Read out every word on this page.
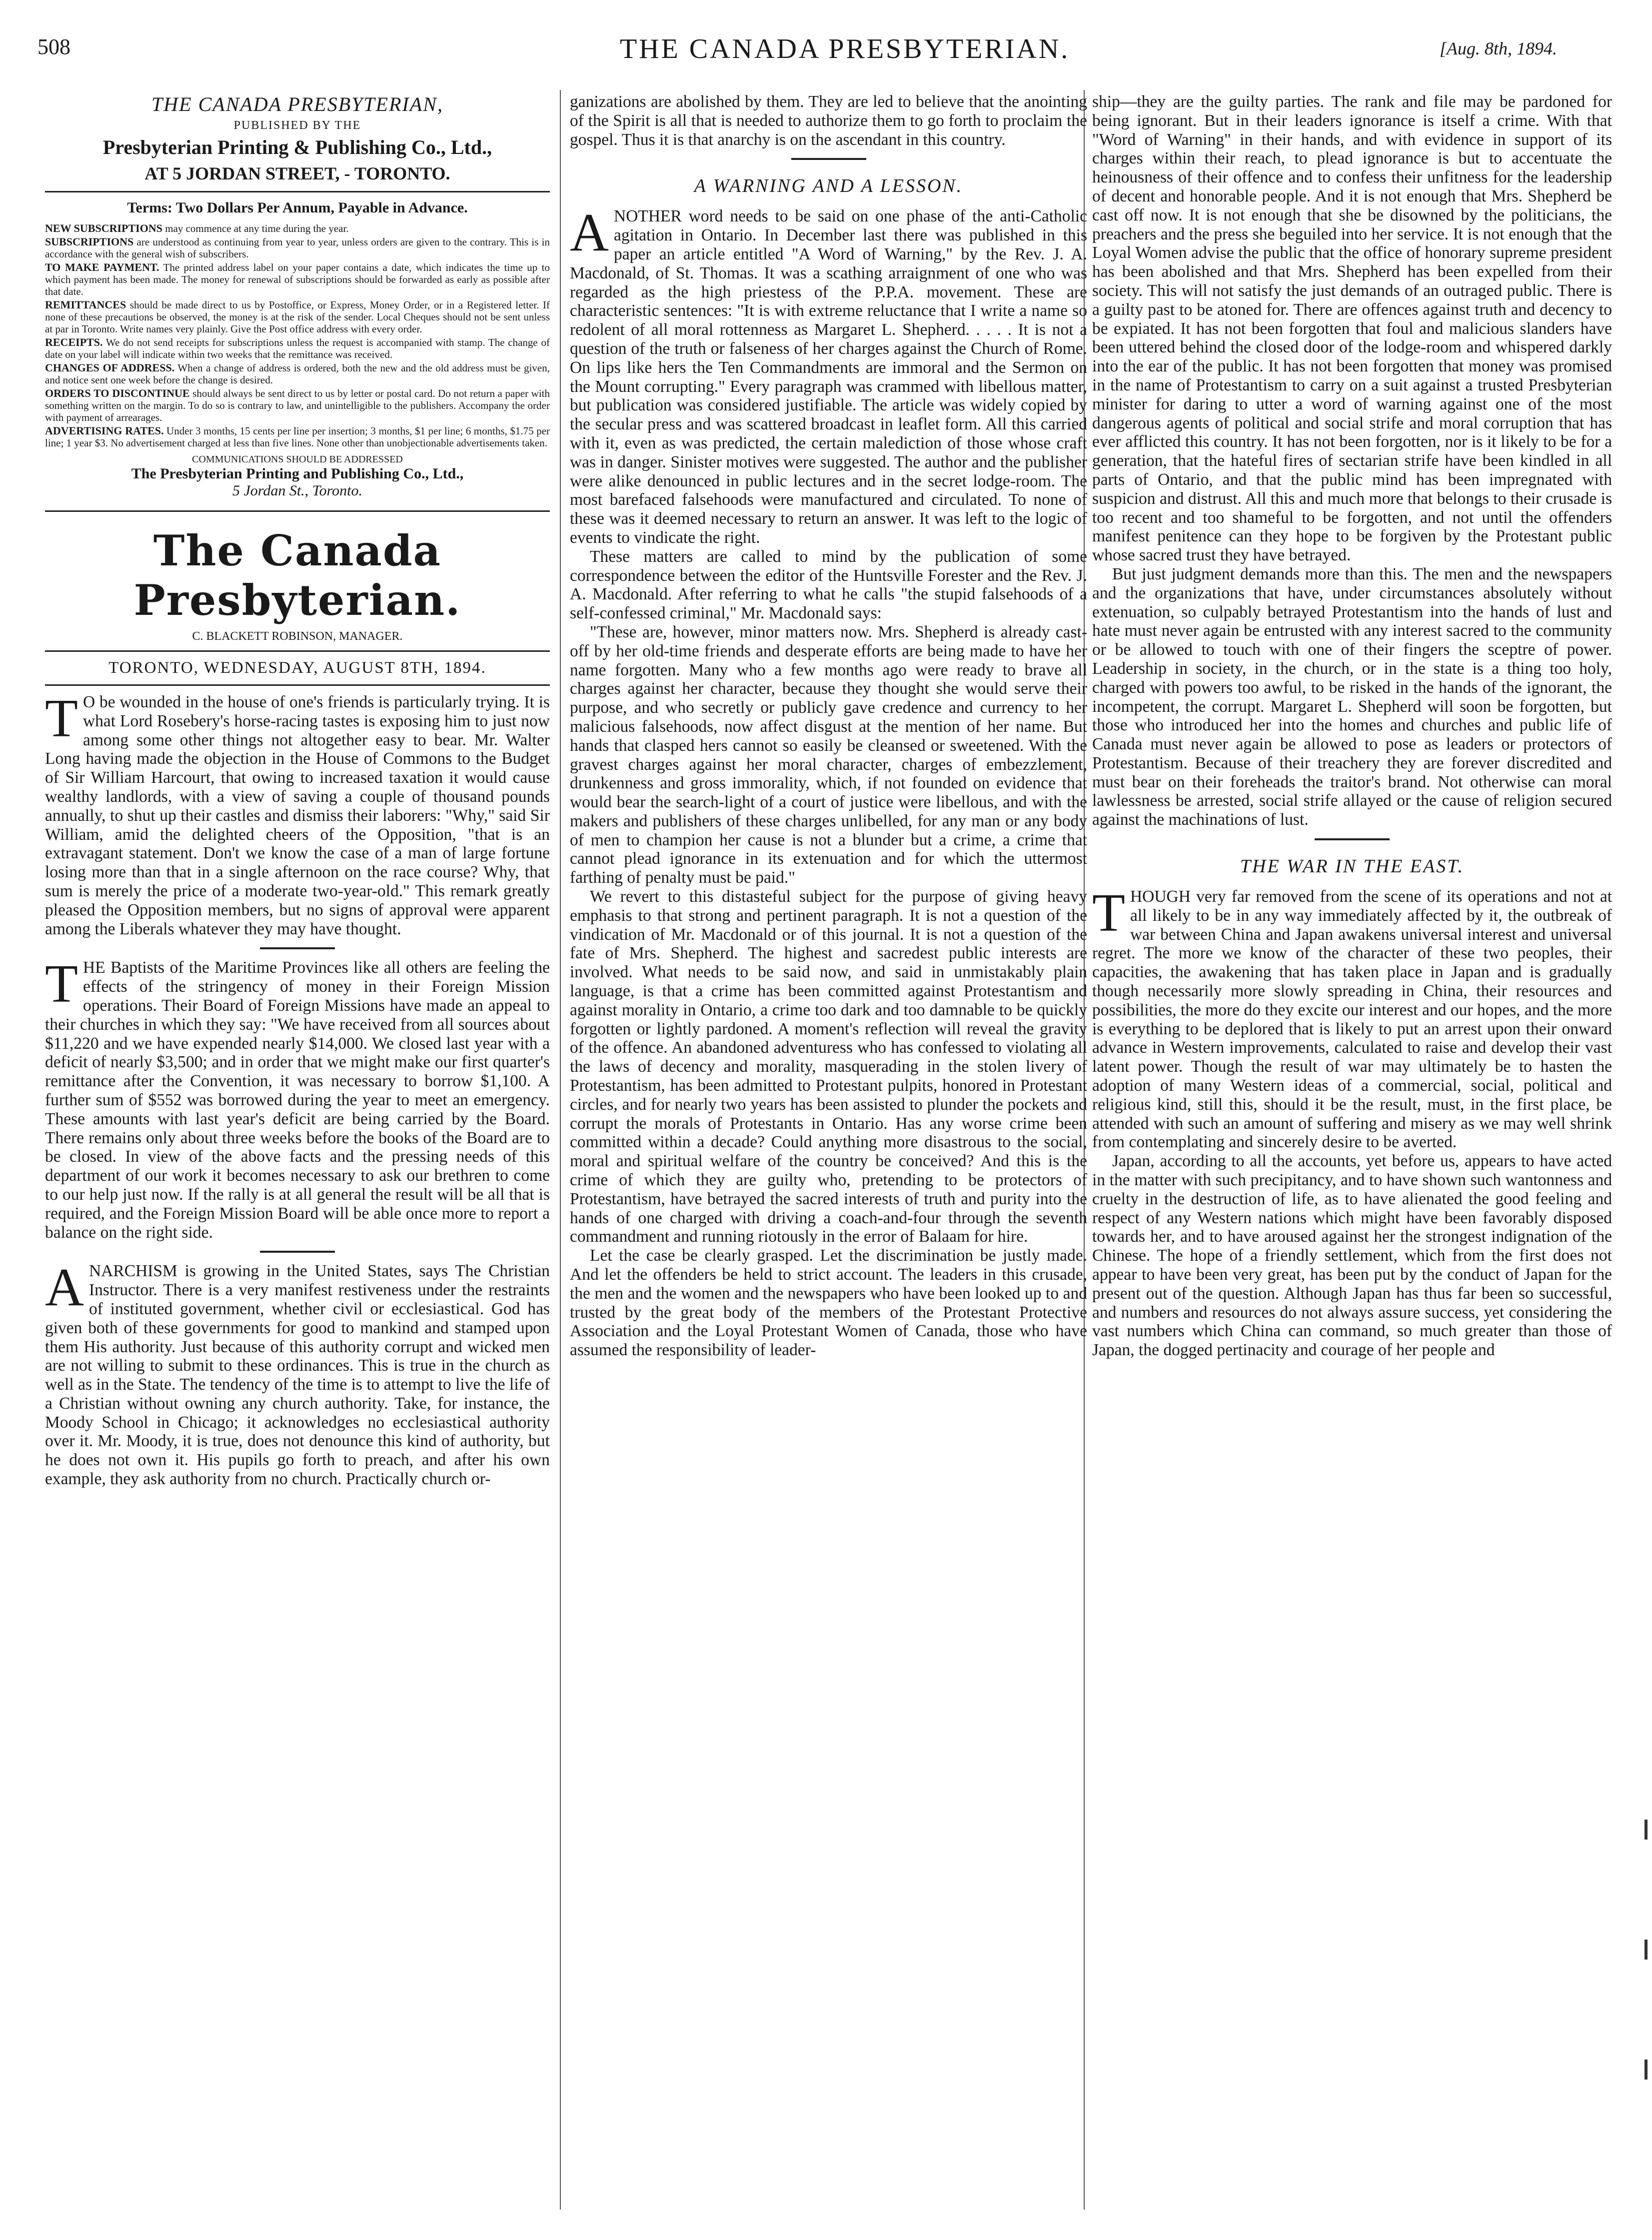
508	THE CANADA PRESBYTERIAN.	[Aug. 8th, 1894.
THE CANADA PRESBYTERIAN,
PUBLISHED BY THE
Presbyterian Printing & Publishing Co., Ltd.,
AT 5 JORDAN STREET, - TORONTO.
Terms: Two Dollars Per Annum, Payable in Advance.

NEW SUBSCRIPTIONS may commence at any time during the year.

SUBSCRIPTIONS are understood as continuing from year to year, unless orders are given to the contrary. This is in accordance with the general wish of subscribers.

TO MAKE PAYMENT. The printed address label on your paper contains a date, which indicates the time up to which payment has been made. The money for renewal of subscriptions should be forwarded as early as possible after that date.

REMITTANCES should be made direct to us by Postoffice, or Express, Money Order, or in a Registered letter. If none of these precautions be observed, the money is at the risk of the sender. Local Cheques should not be sent unless at par in Toronto. Write names very plainly. Give the Post office address with every order.

RECEIPTS. We do not send receipts for subscriptions unless the request is accompanied with stamp. The change of date on your label will indicate within two weeks that the remittance was received.

CHANGES OF ADDRESS. When a change of address is ordered, both the new and the old address must be given, and notice sent one week before the change is desired.

ORDERS TO DISCONTINUE should always be sent direct to us by letter or postal card. Do not return a paper with something written on the margin. To do so is contrary to law, and unintelligible to the publishers. Accompany the order with payment of arrearages.

ADVERTISING RATES. Under 3 months, 15 cents per line per insertion; 3 months, $1 per line; 6 months, $1.75 per line; 1 year $3. No advertisement charged at less than five lines. None other than unobjectionable advertisements taken.

COMMUNICATIONS SHOULD BE ADDRESSED
The Presbyterian Printing and Publishing Co., Ltd.,
5 Jordan St., Toronto.
The Canada Presbyterian.
C. BLACKETT ROBINSON, MANAGER.
TORONTO, WEDNESDAY, AUGUST 8TH, 1894.

T O be wounded in the house of one's friends is particularly trying. It is what Lord Rosebery's horse-racing tastes is exposing him to just now among some other things not altogether easy to bear. Mr. Walter Long having made the objection in the House of Commons to the Budget of Sir William Harcourt, that owing to increased taxation it would cause wealthy landlords, with a view of saving a couple of thousand pounds annually, to shut up their castles and dismiss their laborers: "Why," said Sir William, amid the delighted cheers of the Opposition, "that is an extravagant statement. Don't we know the case of a man of large fortune losing more than that in a single afternoon on the race course? Why, that sum is merely the price of a moderate two-year-old." This remark greatly pleased the Opposition members, but no signs of approval were apparent among the Liberals whatever they may have thought.

THE Baptists of the Maritime Provinces like all others are feeling the effects of the stringency of money in their Foreign Mission operations. Their Board of Foreign Missions have made an appeal to their churches in which they say: "We have received from all sources about $11,220 and we have expended nearly $14,000. We closed last year with a deficit of nearly $3,500; and in order that we might make our first quarter's remittance after the Convention, it was necessary to borrow $1,100. A further sum of $552 was borrowed during the year to meet an emergency. These amounts with last year's deficit are being carried by the Board. There remains only about three weeks before the books of the Board are to be closed. In view of the above facts and the pressing needs of this department of our work it becomes necessary to ask our brethren to come to our help just now. If the rally is at all general the result will be all that is required, and the Foreign Mission Board will be able once more to report a balance on the right side.

ANARCHISM is growing in the United States, says The Christian Instructor. There is a very manifest restiveness under the restraints of instituted government, whether civil or ecclesiastical. God has given both of these governments for good to mankind and stamped upon them His authority. Just because of this authority corrupt and wicked men are not willing to submit to these ordinances. This is true in the church as well as in the State. The tendency of the time is to attempt to live the life of a Christian without owning any church authority. Take, for instance, the Moody School in Chicago; it acknowledges no ecclesiastical authority over it. Mr. Moody, it is true, does not denounce this kind of authority, but he does not own it. His pupils go forth to preach, and after his own example, they ask authority from no church. Practically church or-

ganizations are abolished by them. They are led to believe that the anointing of the Spirit is all that is needed to authorize them to go forth to proclaim the gospel. Thus it is that anarchy is on the ascendant in this country.

A WARNING AND A LESSON.

ANOTHER word needs to be said on one phase of the anti-Catholic agitation in Ontario. In December last there was published in this paper an article entitled "A Word of Warning," by the Rev. J. A. Macdonald, of St. Thomas. It was a scathing arraignment of one who was regarded as the high priestess of the P.P.A. movement. These are characteristic sentences: "It is with extreme reluctance that I write a name so redolent of all moral rottenness as Margaret L. Shepherd. . . . . It is not a question of the truth or falseness of her charges against the Church of Rome. On lips like hers the Ten Commandments are immoral and the Sermon on the Mount corrupting." Every paragraph was crammed with libellous matter, but publication was considered justifiable. The article was widely copied by the secular press and was scattered broadcast in leaflet form. All this carried with it, even as was predicted, the certain malediction of those whose craft was in danger. Sinister motives were suggested. The author and the publisher were alike denounced in public lectures and in the secret lodge-room. The most barefaced falsehoods were manufactured and circulated. To none of these was it deemed necessary to return an answer. It was left to the logic of events to vindicate the right.

These matters are called to mind by the publication of some correspondence between the editor of the Huntsville Forester and the Rev. J. A. Macdonald. After referring to what he calls "the stupid falsehoods of a self-confessed criminal," Mr. Macdonald says:

"These are, however, minor matters now. Mrs. Shepherd is already cast-off by her old-time friends and desperate efforts are being made to have her name forgotten. Many who a few months ago were ready to brave all charges against her character, because they thought she would serve their purpose, and who secretly or publicly gave credence and currency to her malicious falsehoods, now affect disgust at the mention of her name. But hands that clasped hers cannot so easily be cleansed or sweetened. With the gravest charges against her moral character, charges of embezzlement, drunkenness and gross immorality, which, if not founded on evidence that would bear the search-light of a court of justice were libellous, and with the makers and publishers of these charges unlibelled, for any man or any body of men to champion her cause is not a blunder but a crime, a crime that cannot plead ignorance in its extenuation and for which the uttermost farthing of penalty must be paid."

We revert to this distasteful subject for the purpose of giving heavy emphasis to that strong and pertinent paragraph. It is not a question of the vindication of Mr. Macdonald or of this journal. It is not a question of the fate of Mrs. Shepherd. The highest and sacredest public interests are involved. What needs to be said now, and said in unmistakably plain language, is that a crime has been committed against Protestantism and against morality in Ontario, a crime too dark and too damnable to be quickly forgotten or lightly pardoned. A moment's reflection will reveal the gravity of the offence. An abandoned adventuress who has confessed to violating all the laws of decency and morality, masquerading in the stolen livery of Protestantism, has been admitted to Protestant pulpits, honored in Protestant circles, and for nearly two years has been assisted to plunder the pockets and corrupt the morals of Protestants in Ontario. Has any worse crime been committed within a decade? Could anything more disastrous to the social, moral and spiritual welfare of the country be conceived? And this is the crime of which they are guilty who, pretending to be protectors of Protestantism, have betrayed the sacred interests of truth and purity into the hands of one charged with driving a coach-and-four through the seventh commandment and running riotously in the error of Balaam for hire.

Let the case be clearly grasped. Let the discrimination be justly made. And let the offenders be held to strict account. The leaders in this crusade, the men and the women and the newspapers who have been looked up to and trusted by the great body of the members of the Protestant Protective Association and the Loyal Protestant Women of Canada, those who have assumed the responsibility of leader-

ship—they are the guilty parties. The rank and file may be pardoned for being ignorant. But in their leaders ignorance is itself a crime. With that "Word of Warning" in their hands, and with evidence in support of its charges within their reach, to plead ignorance is but to accentuate the heinousness of their offence and to confess their unfitness for the leadership of decent and honorable people. And it is not enough that Mrs. Shepherd be cast off now. It is not enough that she be disowned by the politicians, the preachers and the press she beguiled into her service. It is not enough that the Loyal Women advise the public that the office of honorary supreme president has been abolished and that Mrs. Shepherd has been expelled from their society. This will not satisfy the just demands of an outraged public. There is a guilty past to be atoned for. There are offences against truth and decency to be expiated. It has not been forgotten that foul and malicious slanders have been uttered behind the closed door of the lodge-room and whispered darkly into the ear of the public. It has not been forgotten that money was promised in the name of Protestantism to carry on a suit against a trusted Presbyterian minister for daring to utter a word of warning against one of the most dangerous agents of political and social strife and moral corruption that has ever afflicted this country. It has not been forgotten, nor is it likely to be for a generation, that the hateful fires of sectarian strife have been kindled in all parts of Ontario, and that the public mind has been impregnated with suspicion and distrust. All this and much more that belongs to their crusade is too recent and too shameful to be forgotten, and not until the offenders manifest penitence can they hope to be forgiven by the Protestant public whose sacred trust they have betrayed.

But just judgment demands more than this. The men and the newspapers and the organizations that have, under circumstances absolutely without extenuation, so culpably betrayed Protestantism into the hands of lust and hate must never again be entrusted with any interest sacred to the community or be allowed to touch with one of their fingers the sceptre of power. Leadership in society, in the church, or in the state is a thing too holy, charged with powers too awful, to be risked in the hands of the ignorant, the incompetent, the corrupt. Margaret L. Shepherd will soon be forgotten, but those who introduced her into the homes and churches and public life of Canada must never again be allowed to pose as leaders or protectors of Protestantism. Because of their treachery they are forever discredited and must bear on their foreheads the traitor's brand. Not otherwise can moral lawlessness be arrested, social strife allayed or the cause of religion secured against the machinations of lust.

THE WAR IN THE EAST.

THOUGH very far removed from the scene of its operations and not at all likely to be in any way immediately affected by it, the outbreak of war between China and Japan awakens universal interest and universal regret. The more we know of the character of these two peoples, their capacities, the awakening that has taken place in Japan and is gradually though necessarily more slowly spreading in China, their resources and possibilities, the more do they excite our interest and our hopes, and the more is everything to be deplored that is likely to put an arrest upon their onward advance in Western improvements, calculated to raise and develop their vast latent power. Though the result of war may ultimately be to hasten the adoption of many Western ideas of a commercial, social, political and religious kind, still this, should it be the result, must, in the first place, be attended with such an amount of suffering and misery as we may well shrink from contemplating and sincerely desire to be averted.

Japan, according to all the accounts, yet before us, appears to have acted in the matter with such precipitancy, and to have shown such wantonness and cruelty in the destruction of life, as to have alienated the good feeling and respect of any Western nations which might have been favorably disposed towards her, and to have aroused against her the strongest indignation of the Chinese. The hope of a friendly settlement, which from the first does not appear to have been very great, has been put by the conduct of Japan for the present out of the question. Although Japan has thus far been so successful, and numbers and resources do not always assure success, yet considering the vast numbers which China can command, so much greater than those of Japan, the dogged pertinacity and courage of her people and
